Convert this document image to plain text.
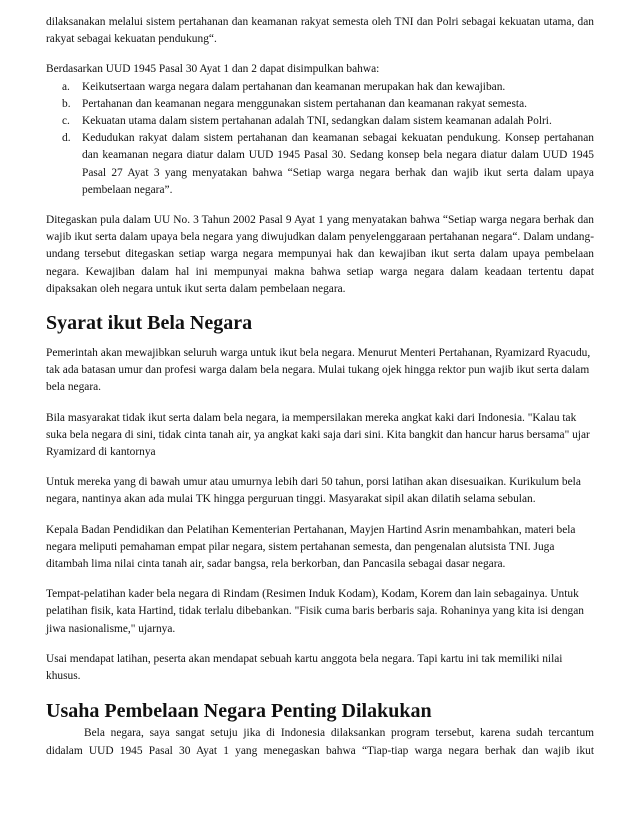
dilaksanakan melalui sistem pertahanan dan keamanan rakyat semesta oleh TNI dan Polri sebagai kekuatan utama, dan rakyat sebagai kekuatan pendukung“.

Berdasarkan UUD 1945 Pasal 30 Ayat 1 dan 2 dapat disimpulkan bahwa:

a. Keikutsertaan warga negara dalam pertahanan dan keamanan merupakan hak dan kewajiban.
b. Pertahanan dan keamanan negara menggunakan sistem pertahanan dan keamanan rakyat semesta.
c. Kekuatan utama dalam sistem pertahanan adalah TNI, sedangkan dalam sistem keamanan adalah Polri.
d. Kedudukan rakyat dalam sistem pertahanan dan keamanan sebagai kekuatan pendukung. Konsep pertahanan dan keamanan negara diatur dalam UUD 1945 Pasal 30. Sedang konsep bela negara diatur dalam UUD 1945 Pasal 27 Ayat 3 yang menyatakan bahwa “Setiap warga negara berhak dan wajib ikut serta dalam upaya pembelaan negara”.

Ditegaskan pula dalam UU No. 3 Tahun 2002 Pasal 9 Ayat 1 yang menyatakan bahwa “Setiap warga negara berhak dan wajib ikut serta dalam upaya bela negara yang diwujudkan dalam penyelenggaraan pertahanan negara“. Dalam undang-undang tersebut ditegaskan setiap warga negara mempunyai hak dan kewajiban ikut serta dalam upaya pembelaan negara. Kewajiban dalam hal ini mempunyai makna bahwa setiap warga negara dalam keadaan tertentu dapat dipaksakan oleh negara untuk ikut serta dalam pembelaan negara.

Syarat ikut Bela Negara

Pemerintah akan mewajibkan seluruh warga untuk ikut bela negara. Menurut Menteri Pertahanan, Ryamizard Ryacudu, tak ada batasan umur dan profesi warga dalam bela negara. Mulai tukang ojek hingga rektor pun wajib ikut serta dalam bela negara.

Bila masyarakat tidak ikut serta dalam bela negara, ia mempersilakan mereka angkat kaki dari Indonesia. "Kalau tak suka bela negara di sini, tidak cinta tanah air, ya angkat kaki saja dari sini. Kita bangkit dan hancur harus bersama" ujar Ryamizard di kantornya

Untuk mereka yang di bawah umur atau umurnya lebih dari 50 tahun, porsi latihan akan disesuaikan. Kurikulum bela negara, nantinya akan ada mulai TK hingga perguruan tinggi. Masyarakat sipil akan dilatih selama sebulan.

Kepala Badan Pendidikan dan Pelatihan Kementerian Pertahanan, Mayjen Hartind Asrin menambahkan, materi bela negara meliputi pemahaman empat pilar negara, sistem pertahanan semesta, dan pengenalan alutsista TNI. Juga ditambah lima nilai cinta tanah air, sadar bangsa, rela berkorban, dan Pancasila sebagai dasar negara.

Tempat-pelatihan kader bela negara di Rindam (Resimen Induk Kodam), Kodam, Korem dan lain sebagainya. Untuk pelatihan fisik, kata Hartind, tidak terlalu dibebankan. "Fisik cuma baris berbaris saja. Rohaninya yang kita isi dengan jiwa nasionalisme," ujarnya.

Usai mendapat latihan, peserta akan mendapat sebuah kartu anggota bela negara. Tapi kartu ini tak memiliki nilai khusus.

Usaha Pembelaan Negara Penting Dilakukan

Bela negara, saya sangat setuju jika di Indonesia dilaksankan program tersebut, karena sudah tercantum didalam UUD 1945 Pasal 30 Ayat 1 yang menegaskan bahwa “Tiap-tiap warga negara berhak dan wajib ikut
